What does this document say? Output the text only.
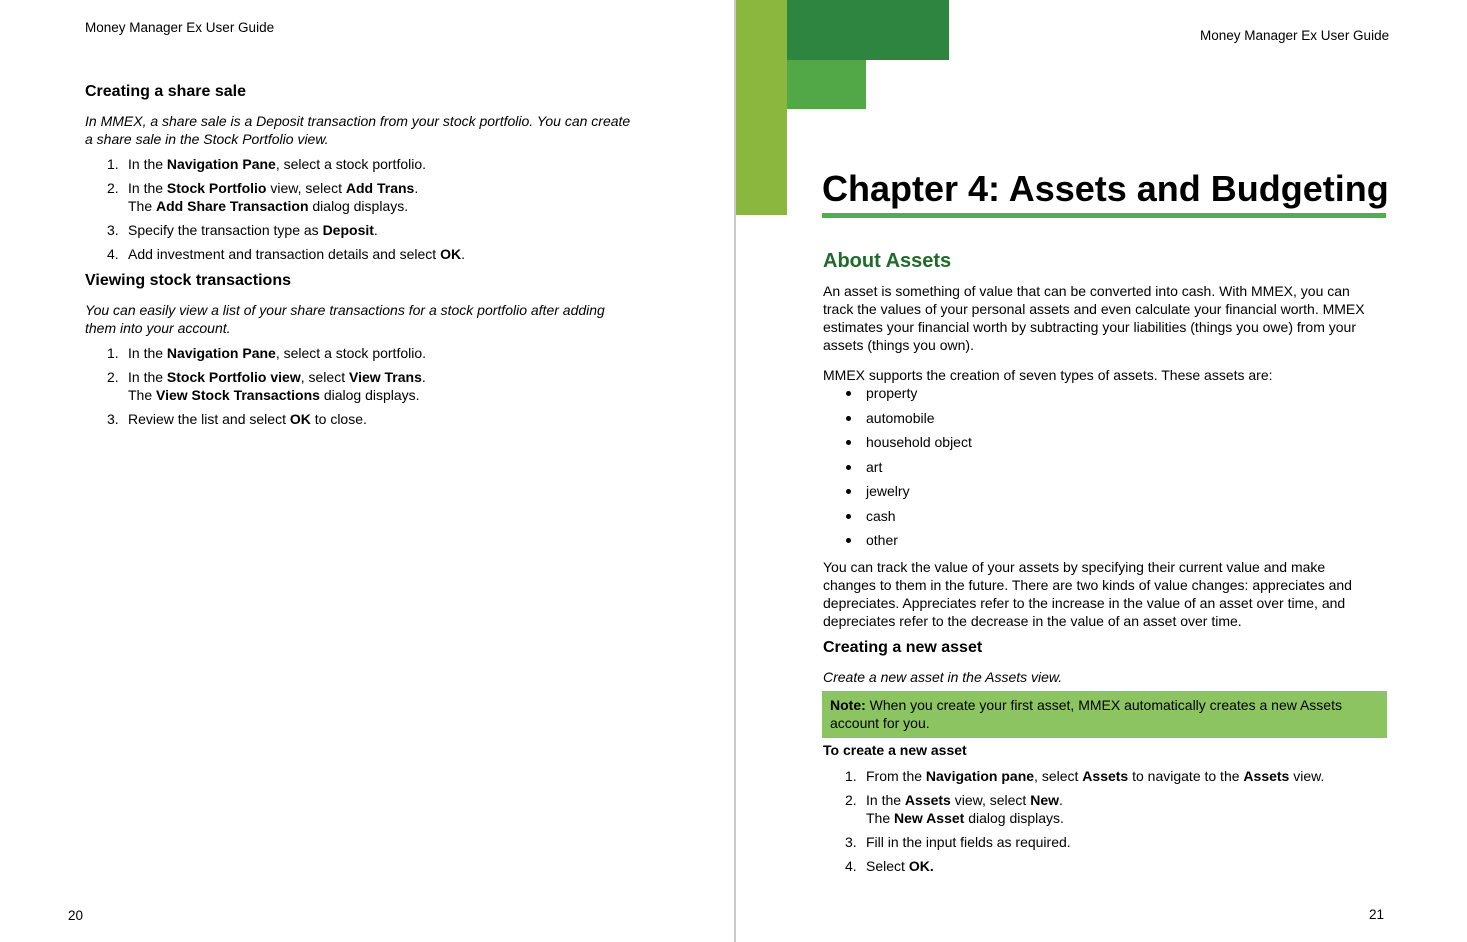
Money Manager Ex User Guide
Creating a share sale

In MMEX, a share sale is a Deposit transaction from your stock portfolio. You can create
a share sale in the Stock Portfolio view.

1. In the Navigation Pane, select a stock portfolio.
2. In the Stock Portfolio view, select Add Trans.
The Add Share Transaction dialog displays.
3. Specify the transaction type as Deposit.
4. Add investment and transaction details and select OK.
Viewing stock transactions

You can easily view a list of your share transactions for a stock portfolio after adding
them into your account.

1. In the Navigation Pane, select a stock portfolio.
2. In the Stock Portfolio view, select View Trans.
The View Stock Transactions dialog displays.
3. Review the list and select OK to close.
20
Money Manager Ex User Guide
Chapter 4: Assets and Budgeting
About Assets

An asset is something of value that can be converted into cash. With MMEX, you can
track the values of your personal assets and even calculate your financial worth. MMEX
estimates your financial worth by subtracting your liabilities (things you owe) from your
assets (things you own).

MMEX supports the creation of seven types of assets. These assets are:

property
automobile
household object
art
jewelry
cash
other

You can track the value of your assets by specifying their current value and make
changes to them in the future. There are two kinds of value changes: appreciates and
depreciates. Appreciates refer to the increase in the value of an asset over time, and
depreciates refer to the decrease in the value of an asset over time.

Creating a new asset

Create a new asset in the Assets view.

Note: When you create your first asset, MMEX automatically creates a new Assets
account for you.

To create a new asset

1. From the Navigation pane, select Assets to navigate to the Assets view.
2. In the Assets view, select New.
The New Asset dialog displays.
3. Fill in the input fields as required.
4. Select OK.
21
